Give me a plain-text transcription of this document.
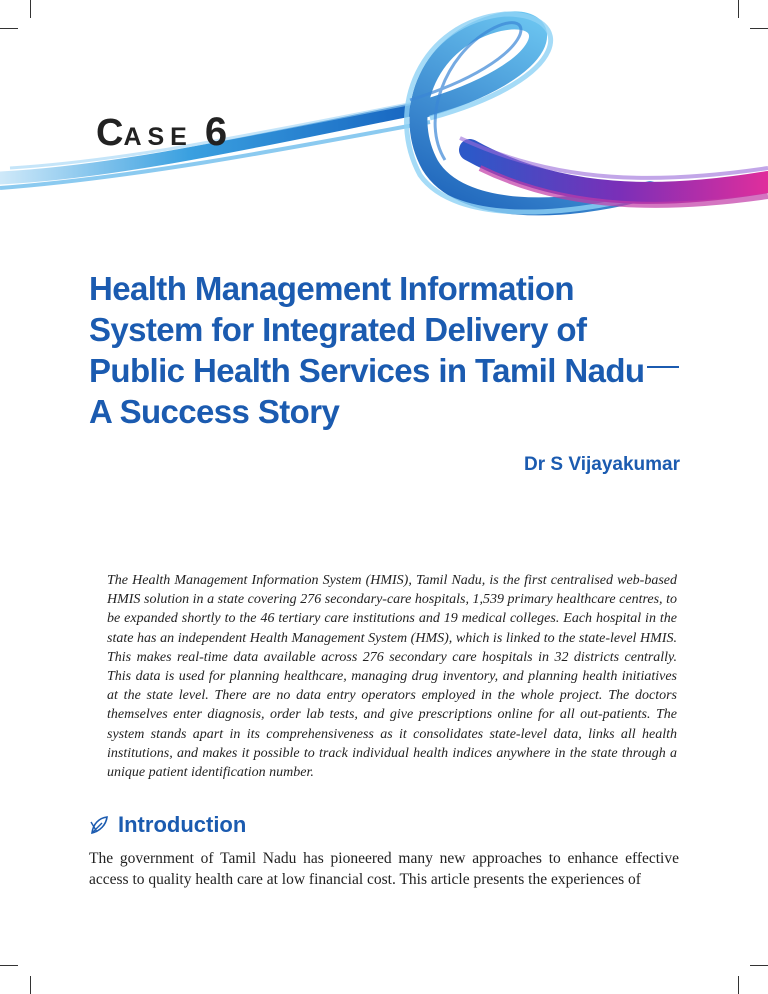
CASE 6
Health Management Information
System for Integrated Delivery of
Public Health Services in Tamil Nadu
A Success Story
Dr S Vijayakumar

The Health Management Information System (HMIS), Tamil Nadu, is the first centralised web-based HMIS solution in a state covering 276 secondary-care hospitals, 1,539 primary healthcare centres, to be expanded shortly to the 46 tertiary care institutions and 19 medical colleges. Each hospital in the state has an independent Health Management System (HMS), which is linked to the state-level HMIS. This makes real-time data available across 276 secondary care hospitals in 32 districts centrally. This data is used for planning healthcare, managing drug inventory, and planning health initiatives at the state level. There are no data entry operators employed in the whole project. The doctors themselves enter diagnosis, order lab tests, and give prescriptions online for all out-patients. The system stands apart in its comprehensiveness as it consolidates state-level data, links all health institutions, and makes it possible to track individual health indices anywhere in the state through a unique patient identification number.

Introduction

The government of Tamil Nadu has pioneered many new approaches to enhance effective access to quality health care at low financial cost. This article presents the experiences of
